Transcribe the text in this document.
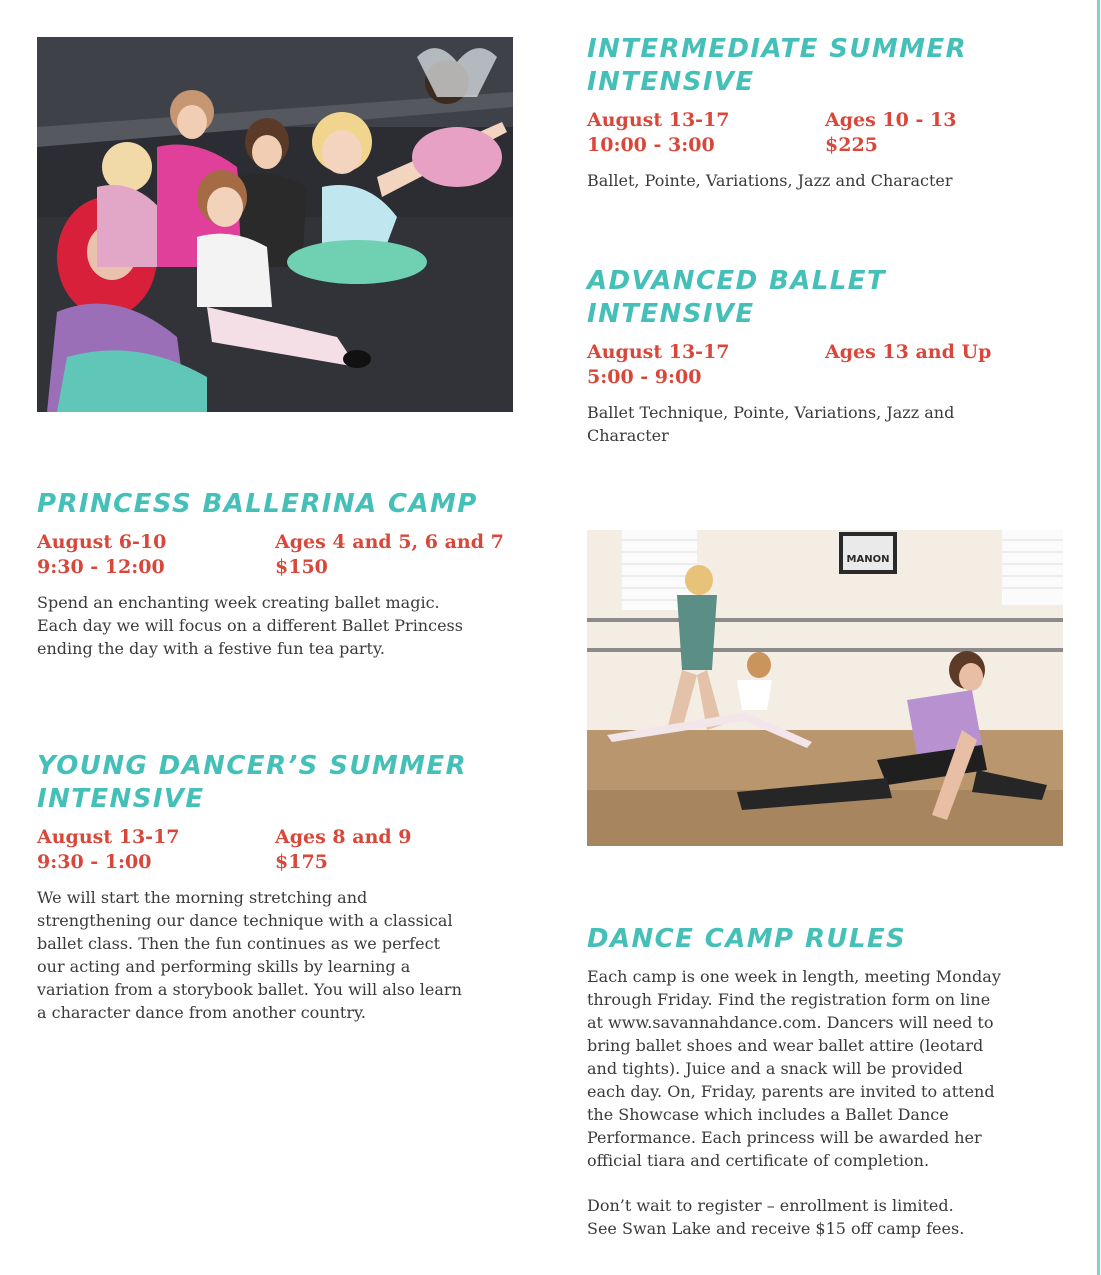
INTERMEDIATE SUMMER
INTENSIVE
August 13-17
10:00 - 3:00
Ages 10 - 13
$225

Ballet, Pointe, Variations, Jazz and Character

ADVANCED BALLET
INTENSIVE
August 13-17
5:00 - 9:00
Ages 13 and Up

Ballet Technique, Pointe, Variations, Jazz and
Character

PRINCESS BALLERINA CAMP
August 6-10
9:30 - 12:00
Ages 4 and 5, 6 and 7
$150

Spend an enchanting week creating ballet magic.
Each day we will focus on a different Ballet Princess
ending the day with a festive fun tea party.

YOUNG DANCER’S SUMMER
INTENSIVE
August 13-17
9:30 - 1:00
Ages 8 and 9
$175

We will start the morning stretching and
strengthening our dance technique with a classical
ballet class. Then the fun continues as we perfect
our acting and performing skills by learning a
variation from a storybook ballet. You will also learn
a character dance from another country.

MANON
DANCE CAMP RULES

Each camp is one week in length, meeting Monday
through Friday. Find the registration form on line
at www.savannahdance.com. Dancers will need to
bring ballet shoes and wear ballet attire (leotard
and tights). Juice and a snack will be provided
each day. On, Friday, parents are invited to attend
the Showcase which includes a Ballet Dance
Performance. Each princess will be awarded her
official tiara and certificate of completion.

Don’t wait to register – enrollment is limited.
See Swan Lake and receive $15 off camp fees.
